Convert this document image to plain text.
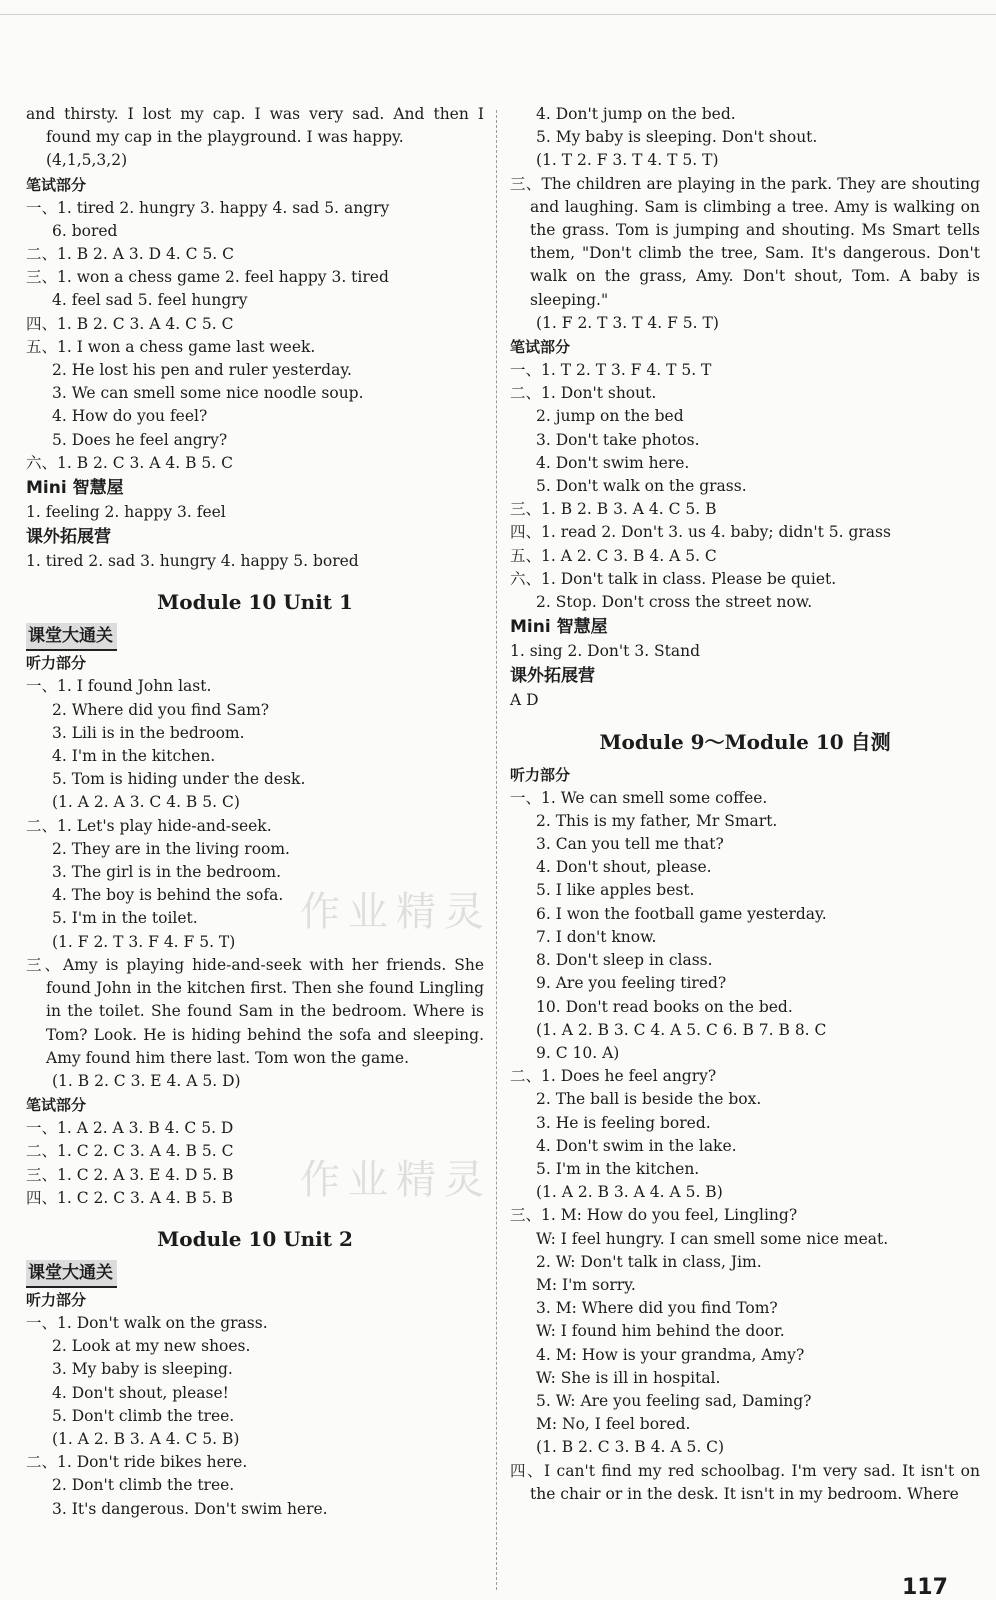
and thirsty. I lost my cap. I was very sad. And then I found my cap in the playground. I was happy.
(4,1,5,3,2)
笔试部分
一、1. tired 2. hungry 3. happy 4. sad 5. angry
6. bored
二、1. B 2. A 3. D 4. C 5. C
三、1. won a chess game 2. feel happy 3. tired
4. feel sad 5. feel hungry
四、1. B 2. C 3. A 4. C 5. C
五、1. I won a chess game last week.
2. He lost his pen and ruler yesterday.
3. We can smell some nice noodle soup.
4. How do you feel?
5. Does he feel angry?
六、1. B 2. C 3. A 4. B 5. C
Mini 智慧屋
1. feeling 2. happy 3. feel
课外拓展营
1. tired 2. sad 3. hungry 4. happy 5. bored
Module 10 Unit 1
课堂大通关
听力部分
一、1. I found John last.
2. Where did you find Sam?
3. Lili is in the bedroom.
4. I'm in the kitchen.
5. Tom is hiding under the desk.
(1. A 2. A 3. C 4. B 5. C)
二、1. Let's play hide-and-seek.
2. They are in the living room.
3. The girl is in the bedroom.
4. The boy is behind the sofa.
5. I'm in the toilet.
(1. F 2. T 3. F 4. F 5. T)
三、Amy is playing hide-and-seek with her friends. She found John in the kitchen first. Then she found Lingling in the toilet. She found Sam in the bedroom. Where is Tom? Look. He is hiding behind the sofa and sleeping. Amy found him there last. Tom won the game.
(1. B 2. C 3. E 4. A 5. D)
笔试部分
一、1. A 2. A 3. B 4. C 5. D
二、1. C 2. C 3. A 4. B 5. C
三、1. C 2. A 3. E 4. D 5. B
四、1. C 2. C 3. A 4. B 5. B
Module 10 Unit 2
课堂大通关
听力部分
一、1. Don't walk on the grass.
2. Look at my new shoes.
3. My baby is sleeping.
4. Don't shout, please!
5. Don't climb the tree.
(1. A 2. B 3. A 4. C 5. B)
二、1. Don't ride bikes here.
2. Don't climb the tree.
3. It's dangerous. Don't swim here.
4. Don't jump on the bed.
5. My baby is sleeping. Don't shout.
(1. T 2. F 3. T 4. T 5. T)
三、The children are playing in the park. They are shouting and laughing. Sam is climbing a tree. Amy is walking on the grass. Tom is jumping and shouting. Ms Smart tells them, "Don't climb the tree, Sam. It's dangerous. Don't walk on the grass, Amy. Don't shout, Tom. A baby is sleeping."
(1. F 2. T 3. T 4. F 5. T)
笔试部分
一、1. T 2. T 3. F 4. T 5. T
二、1. Don't shout.
2. jump on the bed
3. Don't take photos.
4. Don't swim here.
5. Don't walk on the grass.
三、1. B 2. B 3. A 4. C 5. B
四、1. read 2. Don't 3. us 4. baby; didn't 5. grass
五、1. A 2. C 3. B 4. A 5. C
六、1. Don't talk in class. Please be quiet.
2. Stop. Don't cross the street now.
Mini 智慧屋
1. sing 2. Don't 3. Stand
课外拓展营
A D
Module 9～Module 10 自测
听力部分
一、1. We can smell some coffee.
2. This is my father, Mr Smart.
3. Can you tell me that?
4. Don't shout, please.
5. I like apples best.
6. I won the football game yesterday.
7. I don't know.
8. Don't sleep in class.
9. Are you feeling tired?
10. Don't read books on the bed.
(1. A 2. B 3. C 4. A 5. C 6. B 7. B 8. C
9. C 10. A)
二、1. Does he feel angry?
2. The ball is beside the box.
3. He is feeling bored.
4. Don't swim in the lake.
5. I'm in the kitchen.
(1. A 2. B 3. A 4. A 5. B)
三、1. M: How do you feel, Lingling?
W: I feel hungry. I can smell some nice meat.
2. W: Don't talk in class, Jim.
M: I'm sorry.
3. M: Where did you find Tom?
W: I found him behind the door.
4. M: How is your grandma, Amy?
W: She is ill in hospital.
5. W: Are you feeling sad, Daming?
M: No, I feel bored.
(1. B 2. C 3. B 4. A 5. C)
四、I can't find my red schoolbag. I'm very sad. It isn't on the chair or in the desk. It isn't in my bedroom. Where
作业精灵
作业精灵
117
